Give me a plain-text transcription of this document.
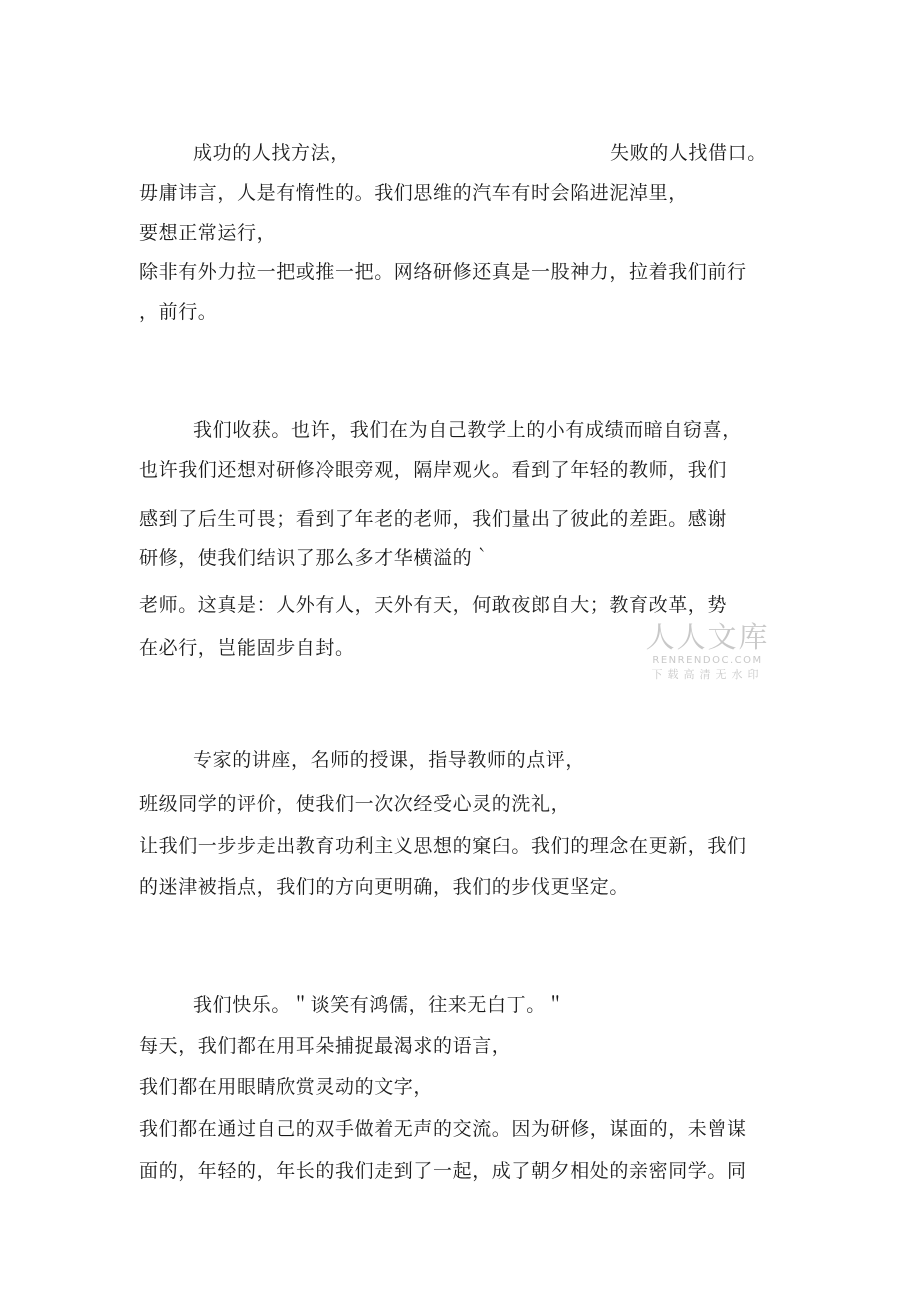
成功的人找方法，	失败的人找借口。
毋庸讳言，人是有惰性的。我们思维的汽车有时会陷进泥淖里，
要想正常运行，
除非有外力拉一把或推一把。网络研修还真是一股神力，拉着我们前行
，前行。
我们收获。也许，我们在为自己教学上的小有成绩而暗自窃喜，
也许我们还想对研修冷眼旁观，隔岸观火。看到了年轻的教师，我们
感到了后生可畏；看到了年老的老师，我们量出了彼此的差距。感谢
研修，使我们结识了那么多才华横溢的｀
老师。这真是：人外有人，天外有天，何敢夜郎自大；教育改革，势
在必行，岂能固步自封。	人人文库
RENRENDOC.COM
下载高清无水印
专家的讲座，名师的授课，指导教师的点评，
班级同学的评价，使我们一次次经受心灵的洗礼，
让我们一步步走出教育功利主义思想的窠臼。我们的理念在更新，我们
的迷津被指点，我们的方向更明确，我们的步伐更坚定。
我们快乐。＂谈笑有鸿儒，往来无白丁。＂
每天，我们都在用耳朵捕捉最渴求的语言，
我们都在用眼睛欣赏灵动的文字，
我们都在通过自己的双手做着无声的交流。因为研修，谋面的，未曾谋
面的，年轻的，年长的我们走到了一起，成了朝夕相处的亲密同学。同
